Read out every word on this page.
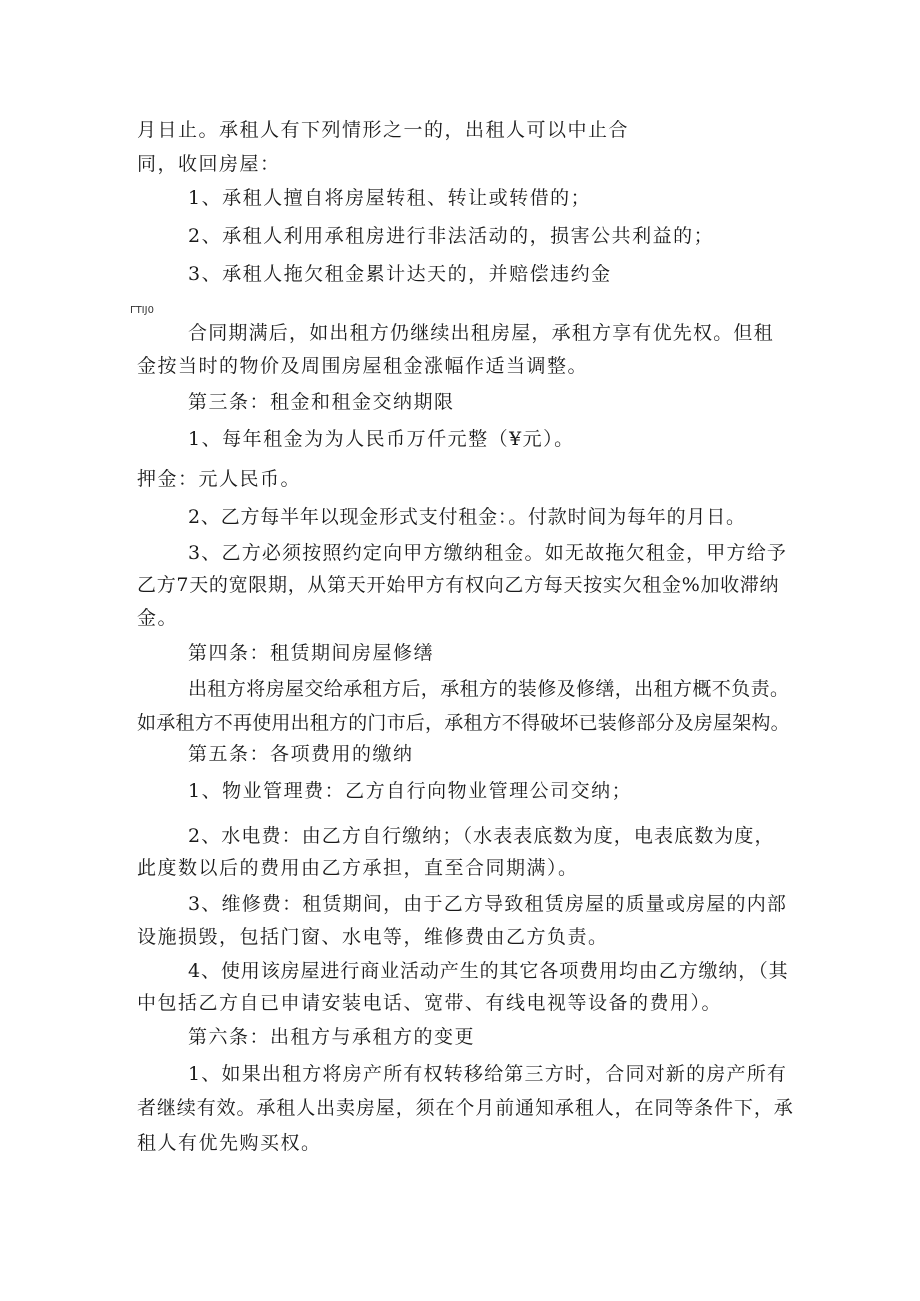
月日止。承租人有下列情形之一的，出租人可以中止合
同，收回房屋：
1、承租人擅自将房屋转租、转让或转借的；
2、承租人利用承租房进行非法活动的，损害公共利益的；
3、承租人拖欠租金累计达天的，并赔偿违约金
ΓTIJ0
合同期满后，如出租方仍继续出租房屋，承租方享有优先权。但租
金按当时的物价及周围房屋租金涨幅作适当调整。
第三条：租金和租金交纳期限
1、每年租金为为人民币万仟元整（¥元）。
押金：元人民币。
2、乙方每半年以现金形式支付租金：。付款时间为每年的月日。
3、乙方必须按照约定向甲方缴纳租金。如无故拖欠租金，甲方给予
乙方7天的宽限期，从第天开始甲方有权向乙方每天按实欠租金%加收滞纳
金。
第四条：租赁期间房屋修缮
出租方将房屋交给承租方后，承租方的装修及修缮，出租方概不负责。
如承租方不再使用出租方的门市后，承租方不得破坏已装修部分及房屋架构。
第五条：各项费用的缴纳
1、物业管理费：乙方自行向物业管理公司交纳；
2、水电费：由乙方自行缴纳；（水表表底数为度，电表底数为度，
此度数以后的费用由乙方承担，直至合同期满）。
3、维修费：租赁期间，由于乙方导致租赁房屋的质量或房屋的内部
设施损毁，包括门窗、水电等，维修费由乙方负责。
4、使用该房屋进行商业活动产生的其它各项费用均由乙方缴纳，（其
中包括乙方自已申请安装电话、宽带、有线电视等设备的费用）。
第六条：出租方与承租方的变更
1、如果出租方将房产所有权转移给第三方时，合同对新的房产所有
者继续有效。承租人出卖房屋，须在个月前通知承租人，在同等条件下，承
租人有优先购买权。
